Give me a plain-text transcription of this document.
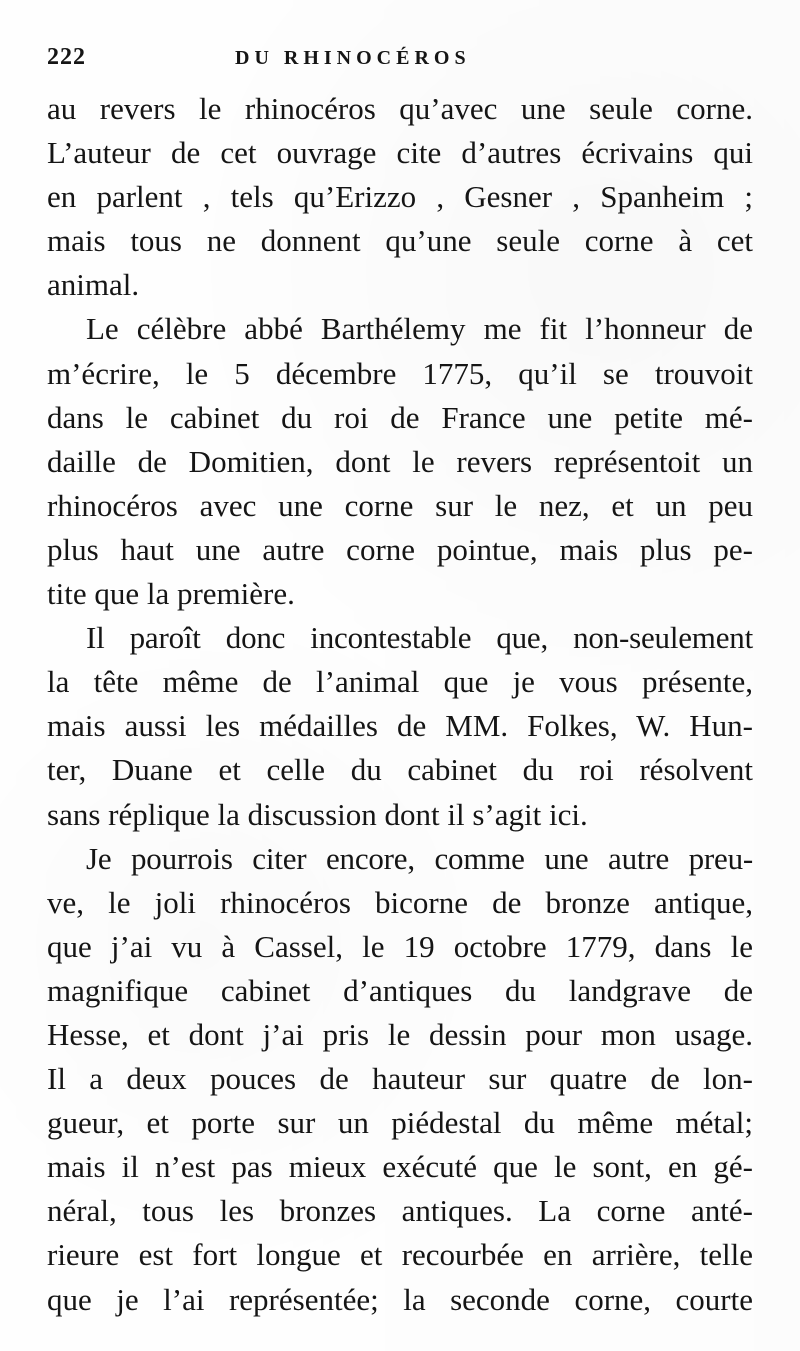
222	DU RHINOCÉROS
au revers le rhinocéros qu’avec une seule corne.
L’auteur de cet ouvrage cite d’autres écrivains qui
en parlent , tels qu’Erizzo , Gesner , Spanheim ;
mais tous ne donnent qu’une seule corne à cet
animal.
Le célèbre abbé Barthélemy me fit l’honneur de
m’écrire, le 5 décembre 1775, qu’il se trouvoit
dans le cabinet du roi de France une petite mé-
daille de Domitien, dont le revers représentoit un
rhinocéros avec une corne sur le nez, et un peu
plus haut une autre corne pointue, mais plus pe-
tite que la première.
Il paroît donc incontestable que, non-seulement
la tête même de l’animal que je vous présente,
mais aussi les médailles de MM. Folkes, W. Hun-
ter, Duane et celle du cabinet du roi résolvent
sans réplique la discussion dont il s’agit ici.
Je pourrois citer encore, comme une autre preu-
ve, le joli rhinocéros bicorne de bronze antique,
que j’ai vu à Cassel, le 19 octobre 1779, dans le
magnifique cabinet d’antiques du landgrave de
Hesse, et dont j’ai pris le dessin pour mon usage.
Il a deux pouces de hauteur sur quatre de lon-
gueur, et porte sur un piédestal du même métal;
mais il n’est pas mieux exécuté que le sont, en gé-
néral, tous les bronzes antiques. La corne anté-
rieure est fort longue et recourbée en arrière, telle
que je l’ai représentée; la seconde corne, courte
